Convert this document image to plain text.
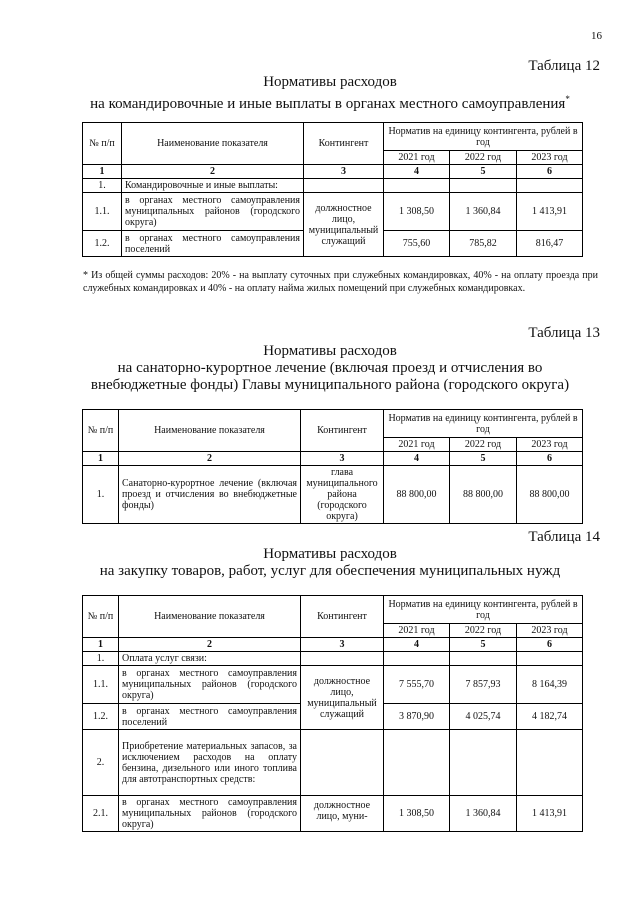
16
Таблица 12
Нормативы расходов
на командировочные и иные выплаты в органах местного самоуправления*
№ п/п	Наименование показателя	Контингент	Норматив на единицу контингента, рублей в год		
			2021 год	2022 год	2023 год
1	2	3	4	5	6
1.	Командировочные и иные выплаты:				
1.1.	в органах местного самоуправления муниципальных районов (городского округа)	должностное лицо, муниципальный служащий	1 308,50	1 360,84	1 413,91
1.2.	в органах местного самоуправления поселений		755,60	785,82	816,47
* Из общей суммы расходов: 20% - на выплату суточных при служебных командировках, 40% - на оплату проезда при служебных командировках и 40% - на оплату найма жилых помещений при служебных командировках.
Таблица 13
Нормативы расходов
на санаторно-курортное лечение (включая проезд и отчисления во
внебюджетные фонды) Главы муниципального района (городского округа)
№ п/п	Наименование показателя	Контингент	Норматив на единицу контингента, рублей в год		
			2021 год	2022 год	2023 год
1	2	3	4	5	6
1.	Санаторно-курортное лечение (включая проезд и отчисления во внебюджетные фонды)	глава муниципального района (городского округа)	88 800,00	88 800,00	88 800,00
Таблица 14
Нормативы расходов
на закупку товаров, работ, услуг для обеспечения муниципальных нужд
№ п/п	Наименование показателя	Контингент	Норматив на единицу контингента, рублей в год		
			2021 год	2022 год	2023 год
1	2	3	4	5	6
1.	Оплата услуг связи:				
1.1.	в органах местного самоуправления муниципальных районов (городского округа)	должностное лицо, муниципальный служащий	7 555,70	7 857,93	8 164,39
1.2.	в органах местного самоуправления поселений		3 870,90	4 025,74	4 182,74
2.	Приобретение материальных запасов, за исключением расходов на оплату бензина, дизельного или иного топлива для автотранспортных средств:				
2.1.	в органах местного самоуправления муниципальных районов (городского округа)	должностное лицо, муни-	1 308,50	1 360,84	1 413,91
